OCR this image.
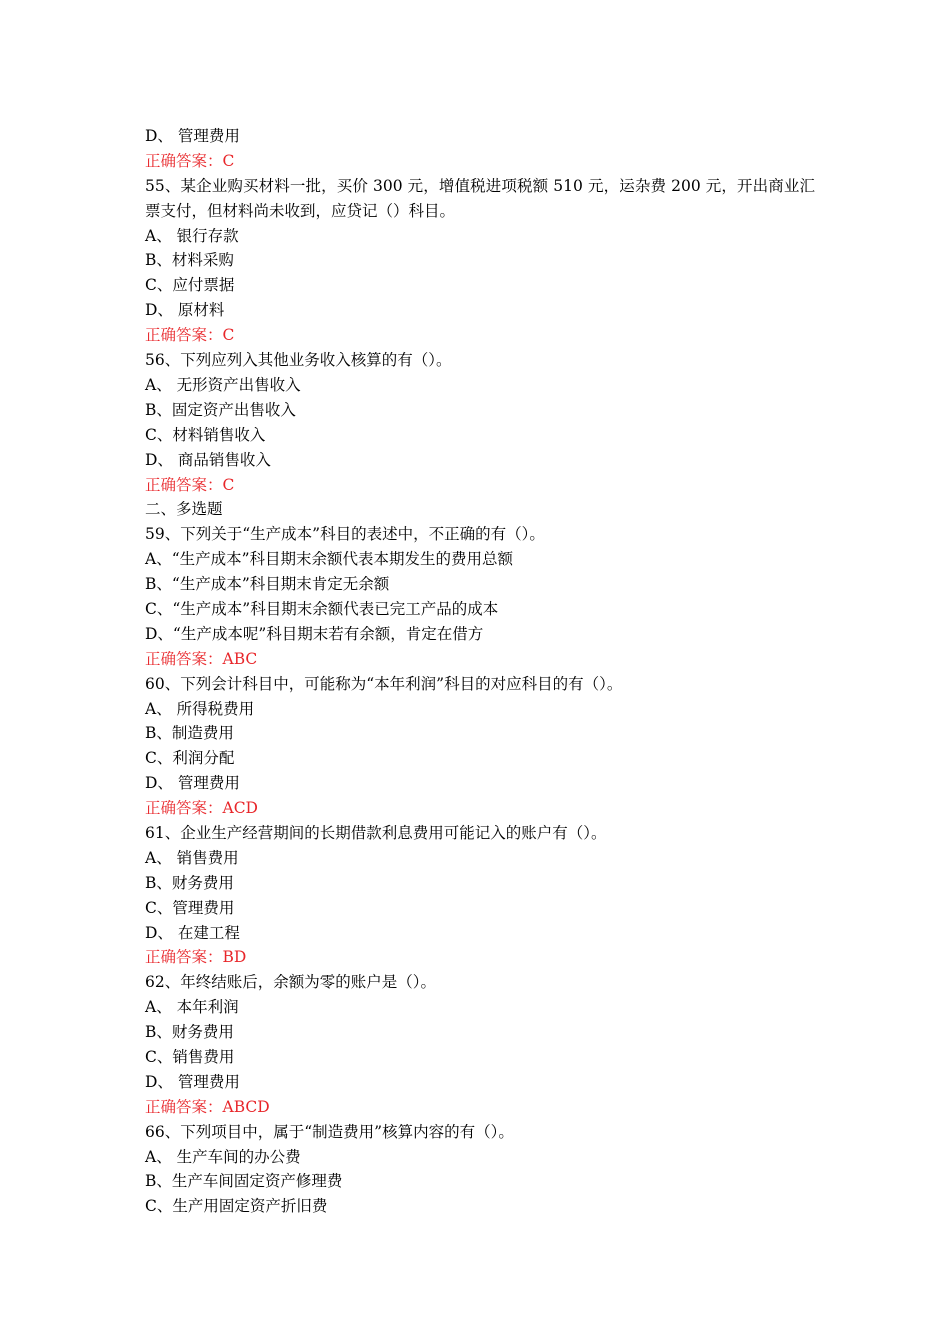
D、 管理费用
正确答案：C
55、某企业购买材料一批，买价 300 元，增值税进项税额 510 元，运杂费 200 元，开出商业汇票支付，但材料尚未收到，应贷记（）科目。
A、 银行存款
B、材料采购
C、应付票据
D、 原材料
正确答案：C
56、下列应列入其他业务收入核算的有（）。
A、 无形资产出售收入
B、固定资产出售收入
C、材料销售收入
D、 商品销售收入
正确答案：C
二、多选题
59、下列关于“生产成本”科目的表述中，不正确的有（）。
A、“生产成本”科目期末余额代表本期发生的费用总额
B、“生产成本”科目期末肯定无余额
C、“生产成本”科目期末余额代表已完工产品的成本
D、“生产成本呢”科目期末若有余额，肯定在借方
正确答案：ABC
60、下列会计科目中，可能称为“本年利润”科目的对应科目的有（）。
A、 所得税费用
B、制造费用
C、利润分配
D、 管理费用
正确答案：ACD
61、企业生产经营期间的长期借款利息费用可能记入的账户有（）。
A、 销售费用
B、财务费用
C、管理费用
D、 在建工程
正确答案：BD
62、年终结账后，余额为零的账户是（）。
A、 本年利润
B、财务费用
C、销售费用
D、 管理费用
正确答案：ABCD
66、下列项目中，属于“制造费用”核算内容的有（）。
A、 生产车间的办公费
B、生产车间固定资产修理费
C、生产用固定资产折旧费
